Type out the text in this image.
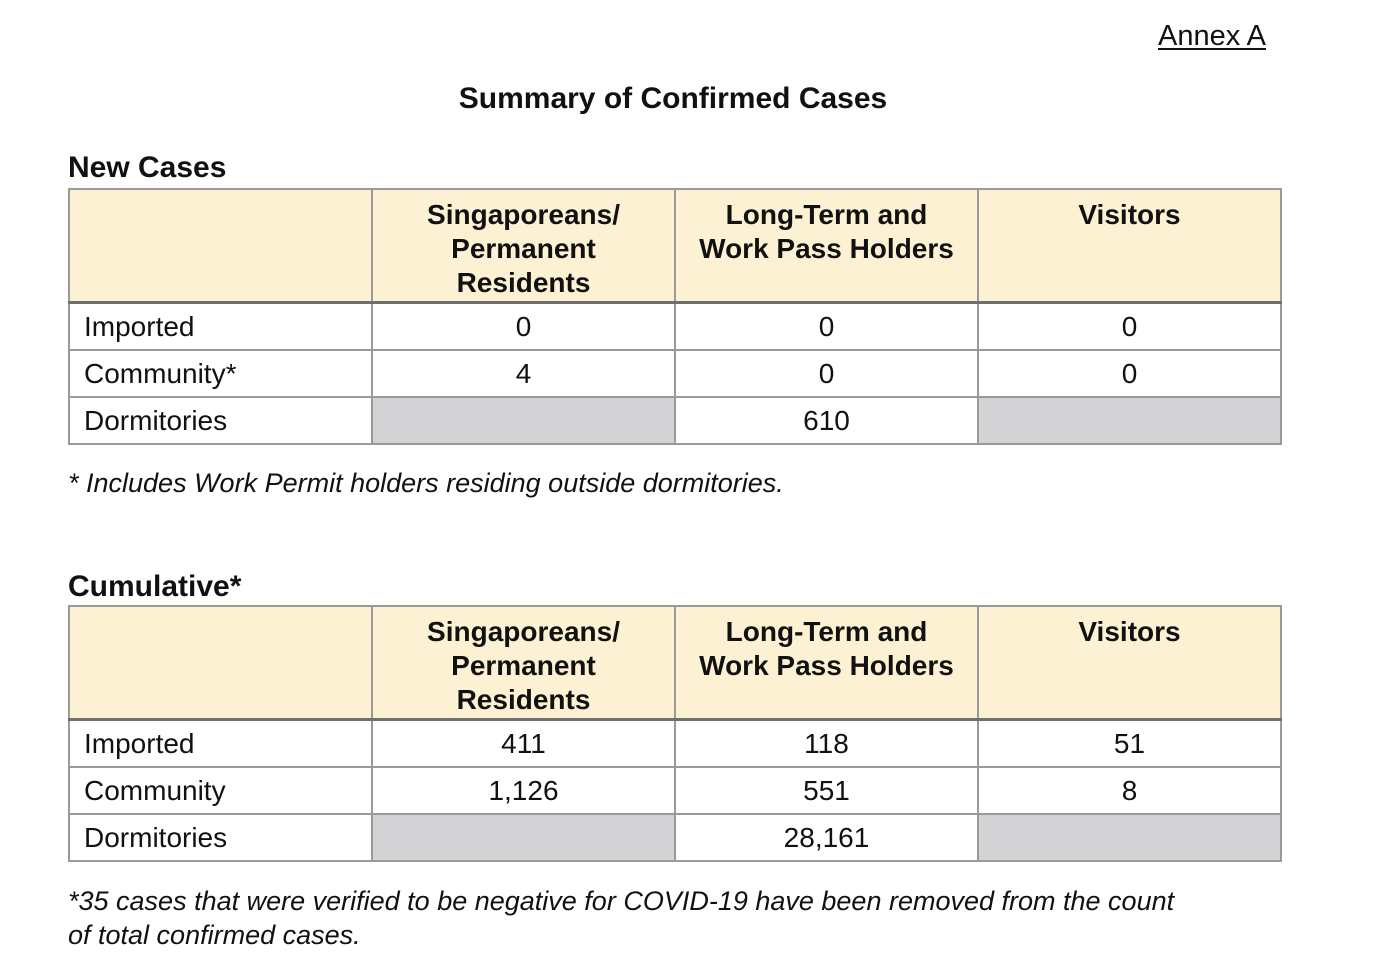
Annex A
Summary of Confirmed Cases
New Cases
	Singaporeans/
Permanent
Residents	Long-Term and
Work Pass Holders	Visitors
Imported	0	0	0
Community*	4	0	0
Dormitories		610	
* Includes Work Permit holders residing outside dormitories.
Cumulative*
	Singaporeans/
Permanent
Residents	Long-Term and
Work Pass Holders	Visitors
Imported	411	118	51
Community	1,126	551	8
Dormitories		28,161	
*35 cases that were verified to be negative for COVID-19 have been removed from the count
of total confirmed cases.
